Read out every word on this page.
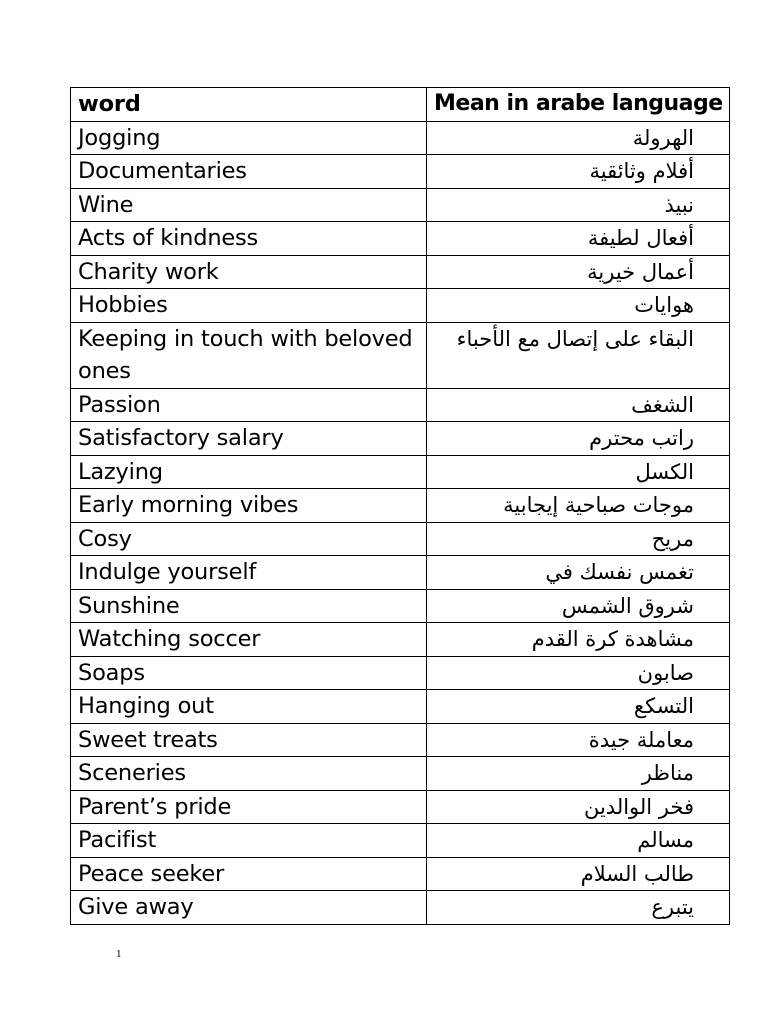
word	Mean in arabe language
Jogging	الهرولة
Documentaries	أفلام وثائقية
Wine	نبيذ
Acts of kindness	أفعال لطيفة
Charity work	أعمال خيرية
Hobbies	هوايات
Keeping in touch with beloved ones	البقاء على إتصال مع الأحباء
Passion	الشغف
Satisfactory salary	راتب محترم
Lazying	الكسل
Early morning vibes	موجات صباحية إيجابية
Cosy	مريح
Indulge yourself	تغمس نفسك في
Sunshine	شروق الشمس
Watching soccer	مشاهدة كرة القدم
Soaps	صابون
Hanging out	التسكع
Sweet treats	معاملة جيدة
Sceneries	مناظر
Parent’s pride	فخر الوالدين
Pacifist	مسالم
Peace seeker	طالب السلام
Give away	يتبرع
1
